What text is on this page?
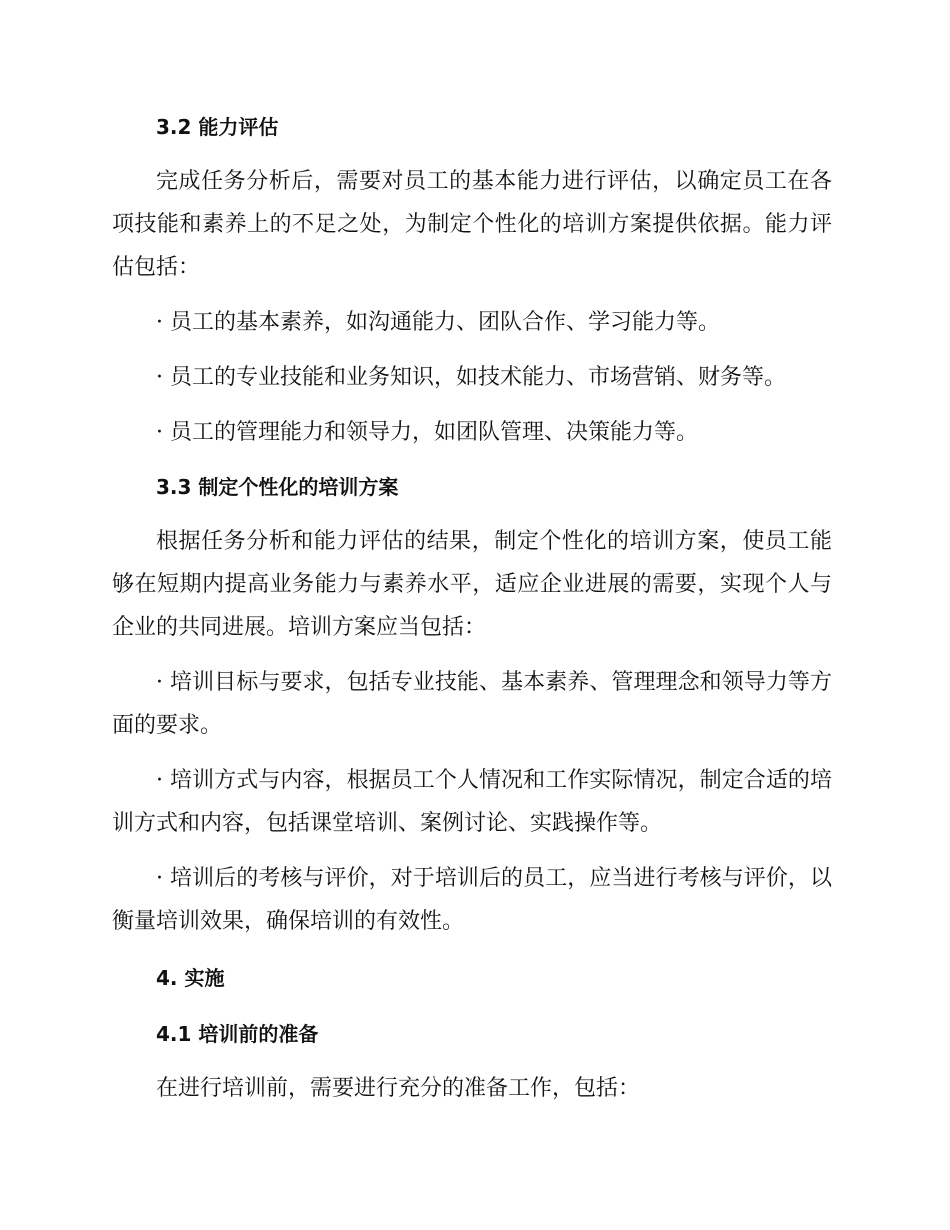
3.2 能力评估

完成任务分析后，需要对员工的基本能力进行评估，以确定员工在各项技能和素养上的不足之处，为制定个性化的培训方案提供依据。能力评估包括：

· 员工的基本素养，如沟通能力、团队合作、学习能力等。

· 员工的专业技能和业务知识，如技术能力、市场营销、财务等。

· 员工的管理能力和领导力，如团队管理、决策能力等。

3.3 制定个性化的培训方案

根据任务分析和能力评估的结果，制定个性化的培训方案，使员工能够在短期内提高业务能力与素养水平，适应企业进展的需要，实现个人与企业的共同进展。培训方案应当包括：

· 培训目标与要求，包括专业技能、基本素养、管理理念和领导力等方面的要求。

· 培训方式与内容，根据员工个人情况和工作实际情况，制定合适的培训方式和内容，包括课堂培训、案例讨论、实践操作等。

· 培训后的考核与评价，对于培训后的员工，应当进行考核与评价，以衡量培训效果，确保培训的有效性。

4. 实施
4.1 培训前的准备

在进行培训前，需要进行充分的准备工作，包括：
